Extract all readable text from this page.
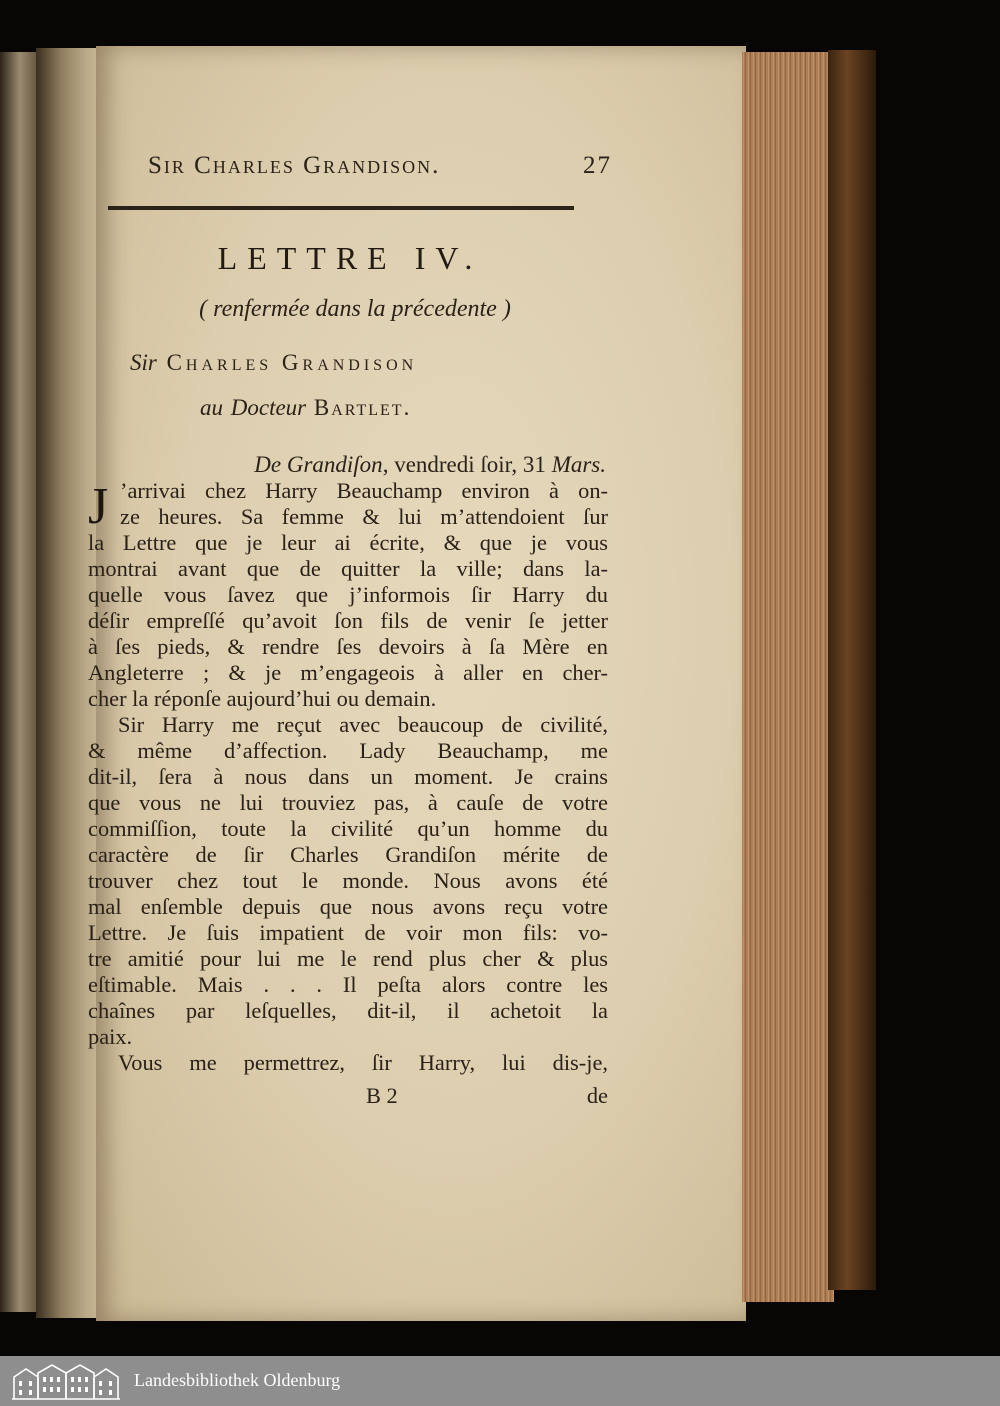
Sir Charles Grandison.	27
LETTRE IV.
( renfermée dans la précedente )
Sir Charles Grandison
au Docteur Bartlet.
De Grandiſon, vendredi ſoir, 31 Mars.
J ’arrivai chez Harry Beauchamp environ à on-
ze heures. Sa femme & lui m’attendoient ſur
la Lettre que je leur ai écrite, & que je vous
montrai avant que de quitter la ville; dans la-
quelle vous ſavez que j’informois ſir Harry du
déſir empreſſé qu’avoit ſon fils de venir ſe jetter
à ſes pieds, & rendre ſes devoirs à ſa Mère en
Angleterre ; & je m’engageois à aller en cher-
cher la réponſe aujourd’hui ou demain.
Sir Harry me reçut avec beaucoup de civilité,
& même d’affection. Lady Beauchamp, me
dit-il, ſera à nous dans un moment. Je crains
que vous ne lui trouviez pas, à cauſe de votre
commiſſion, toute la civilité qu’un homme du
caractère de ſir Charles Grandiſon mérite de
trouver chez tout le monde. Nous avons été
mal enſemble depuis que nous avons reçu votre
Lettre. Je ſuis impatient de voir mon fils: vo-
tre amitié pour lui me le rend plus cher & plus
eſtimable. Mais . . . Il peſta alors contre les
chaînes par leſquelles, dit-il, il achetoit la
paix.
Vous me permettrez, ſir Harry, lui dis-je,
B 2	de
Landesbibliothek Oldenburg
